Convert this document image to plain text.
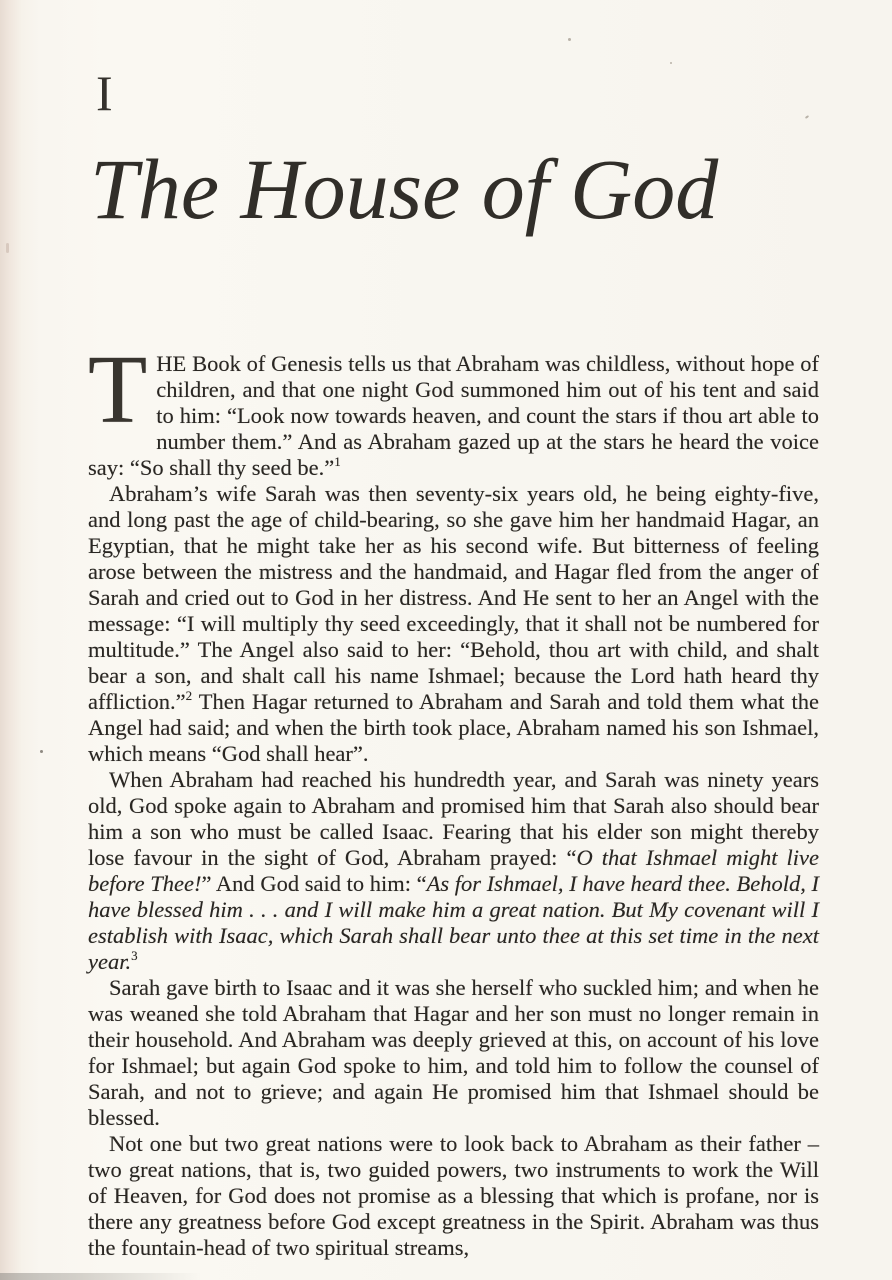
I
The House of God

THE Book of Genesis tells us that Abraham was childless, without hope of children, and that one night God summoned him out of his tent and said to him: “Look now towards heaven, and count the stars if thou art able to number them.” And as Abraham gazed up at the stars he heard the voice say: “So shall thy seed be.”$^1$

Abraham’s wife Sarah was then seventy-six years old, he being eighty-five, and long past the age of child-bearing, so she gave him her handmaid Hagar, an Egyptian, that he might take her as his second wife. But bitterness of feeling arose between the mistress and the handmaid, and Hagar fled from the anger of Sarah and cried out to God in her distress. And He sent to her an Angel with the message: “I will multiply thy seed exceedingly, that it shall not be numbered for multitude.” The Angel also said to her: “Behold, thou art with child, and shalt bear a son, and shalt call his name Ishmael; because the Lord hath heard thy affliction.”$^2$ Then Hagar returned to Abraham and Sarah and told them what the Angel had said; and when the birth took place, Abraham named his son Ishmael, which means “God shall hear”.

When Abraham had reached his hundredth year, and Sarah was ninety years old, God spoke again to Abraham and promised him that Sarah also should bear him a son who must be called Isaac. Fearing that his elder son might thereby lose favour in the sight of God, Abraham prayed: “O that Ishmael might live before Thee!” And God said to him: “As for Ishmael, I have heard thee. Behold, I have blessed him . . . and I will make him a great nation. But My covenant will I establish with Isaac, which Sarah shall bear unto thee at this set time in the next year.$^3$

Sarah gave birth to Isaac and it was she herself who suckled him; and when he was weaned she told Abraham that Hagar and her son must no longer remain in their household. And Abraham was deeply grieved at this, on account of his love for Ishmael; but again God spoke to him, and told him to follow the counsel of Sarah, and not to grieve; and again He promised him that Ishmael should be blessed.

Not one but two great nations were to look back to Abraham as their father – two great nations, that is, two guided powers, two instruments to work the Will of Heaven, for God does not promise as a blessing that which is profane, nor is there any greatness before God except greatness in the Spirit. Abraham was thus the fountain-head of two spiritual streams,
